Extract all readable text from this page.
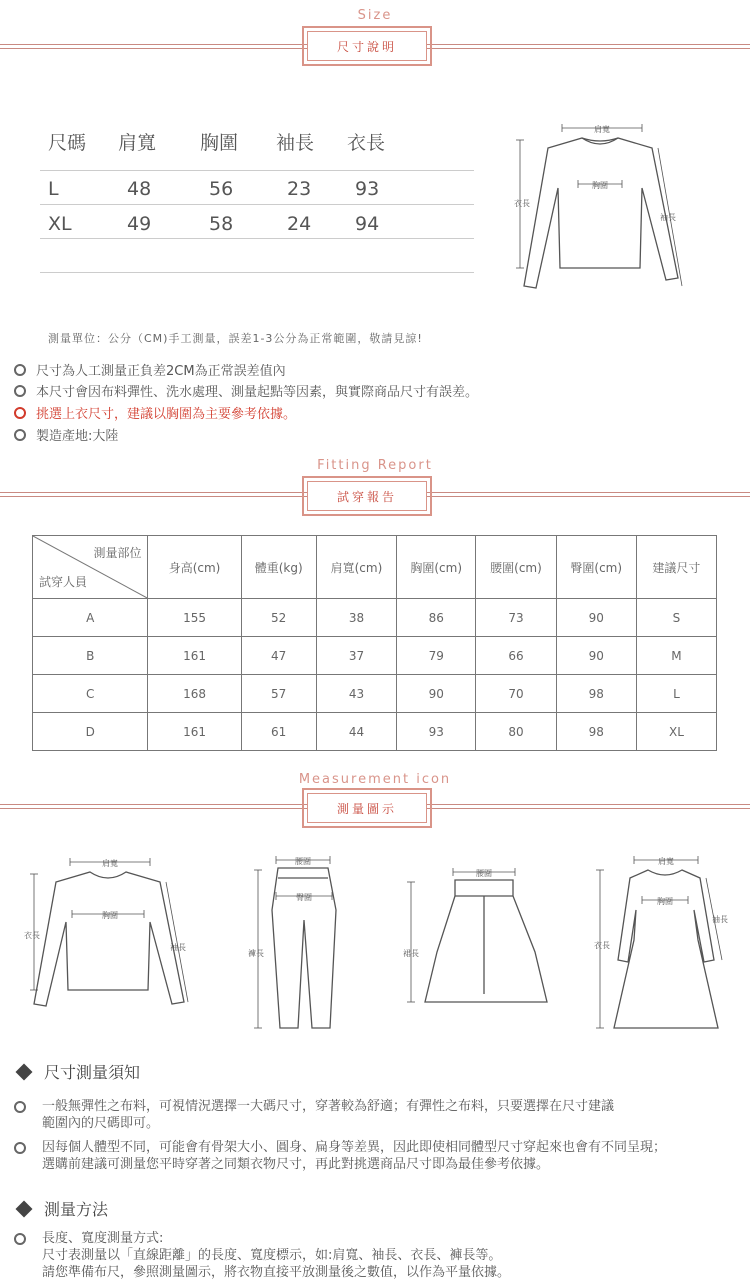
Size
尺寸說明
尺碼 肩寬 胸圍 袖長 衣長
L	48	56	23 93
XL	49	58	24 94
肩寬
胸圍
衣長
袖長
測量單位：公分（CM)手工測量，誤差1-3公分為正常範圍，敬請見諒!
尺寸為人工測量正負差2CM為正常誤差值內
本尺寸會因布料彈性、洗水處理、測量起點等因素，與實際商品尺寸有誤差。
挑選上衣尺寸，建議以胸圍為主要參考依據。
製造產地:大陸
Fitting Report
試穿報告
測量部位
試穿人員	身高(cm)	體重(kg)	肩寬(cm)	胸圍(cm)	腰圍(cm)	臀圍(cm)	建議尺寸
A	155	52	38	86	73	90	S
B	161	47	37	79	66	90	M
C	168	57	43	90	70	98	L
D	161	61	44	93	80	98	XL
Measurement icon
測量圖示
肩寬
胸圍
衣長
袖長
腰圍
臀圍
褲長
腰圍
裙長
肩寬
胸圍
衣長
袖長
尺寸測量須知
一般無彈性之布料，可視情況選擇一大碼尺寸，穿著較為舒適；有彈性之布料，只要選擇在尺寸建議
範圍內的尺碼即可。
因每個人體型不同，可能會有骨架大小、圓身、扁身等差異，因此即使相同體型尺寸穿起來也會有不同呈現；
選購前建議可測量您平時穿著之同類衣物尺寸，再此對挑選商品尺寸即為最佳參考依據。
測量方法
長度、寬度測量方式:
尺寸表測量以「直線距離」的長度、寬度標示，如:肩寬、袖長、衣長、褲長等。
請您準備布尺，參照測量圖示，將衣物直接平放測量後之數值，以作為平量依據。
